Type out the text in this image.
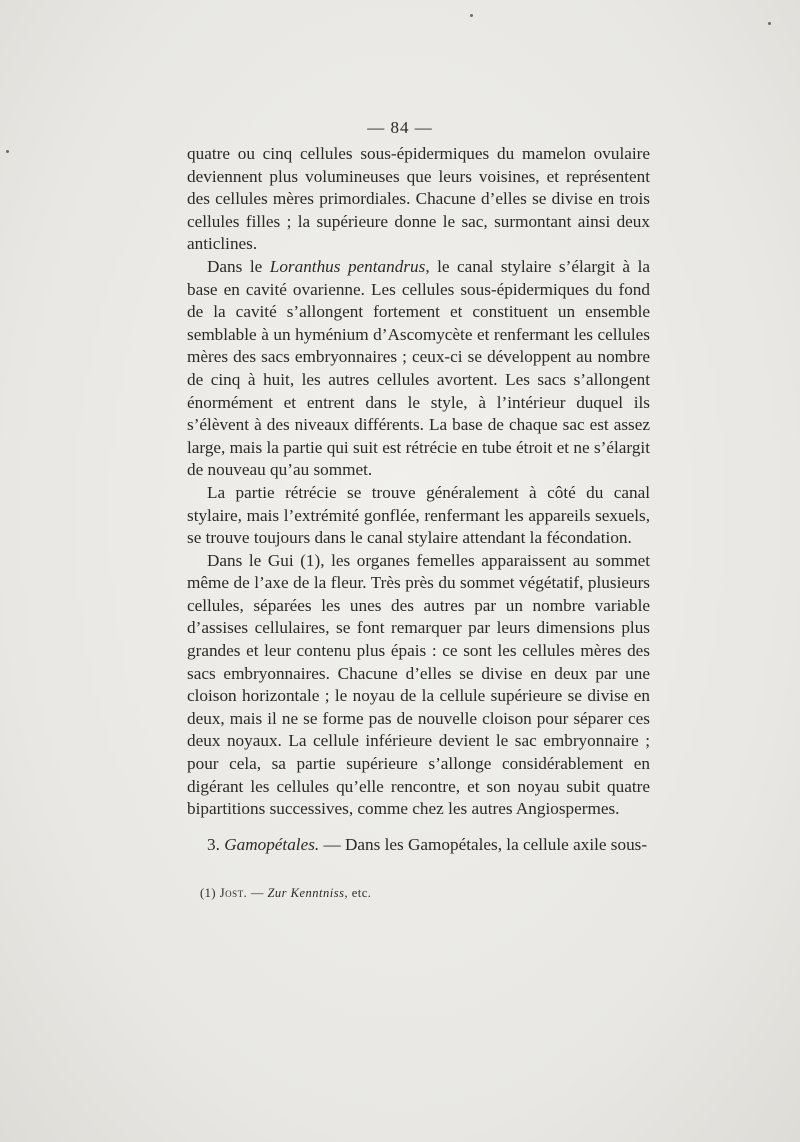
— 84 —

quatre ou cinq cellules sous-épidermiques du mamelon ovulaire deviennent plus volumineuses que leurs voisines, et représentent des cellules mères primordiales. Chacune d’elles se divise en trois cellules filles ; la supérieure donne le sac, surmontant ainsi deux anticlines.

Dans le Loranthus pentandrus, le canal stylaire s’élargit à la base en cavité ovarienne. Les cellules sous-épidermiques du fond de la cavité s’allongent fortement et constituent un ensemble semblable à un hyménium d’Ascomycète et renfermant les cellules mères des sacs embryonnaires ; ceux-ci se développent au nombre de cinq à huit, les autres cellules avortent. Les sacs s’allongent énormément et entrent dans le style, à l’intérieur duquel ils s’élèvent à des niveaux différents. La base de chaque sac est assez large, mais la partie qui suit est rétrécie en tube étroit et ne s’élargit de nouveau qu’au sommet.

La partie rétrécie se trouve généralement à côté du canal stylaire, mais l’extrémité gonflée, renfermant les appareils sexuels, se trouve toujours dans le canal stylaire attendant la fécondation.

Dans le Gui (1), les organes femelles apparaissent au sommet même de l’axe de la fleur. Très près du sommet végétatif, plusieurs cellules, séparées les unes des autres par un nombre variable d’assises cellulaires, se font remarquer par leurs dimensions plus grandes et leur contenu plus épais : ce sont les cellules mères des sacs embryonnaires. Chacune d’elles se divise en deux par une cloison horizontale ; le noyau de la cellule supérieure se divise en deux, mais il ne se forme pas de nouvelle cloison pour séparer ces deux noyaux. La cellule inférieure devient le sac embryonnaire ; pour cela, sa partie supérieure s’allonge considérablement en digérant les cellules qu’elle rencontre, et son noyau subit quatre bipartitions successives, comme chez les autres Angiospermes.

3. Gamopétales. — Dans les Gamopétales, la cellule axile sous-

(1) Jost. — Zur Kenntniss, etc.
